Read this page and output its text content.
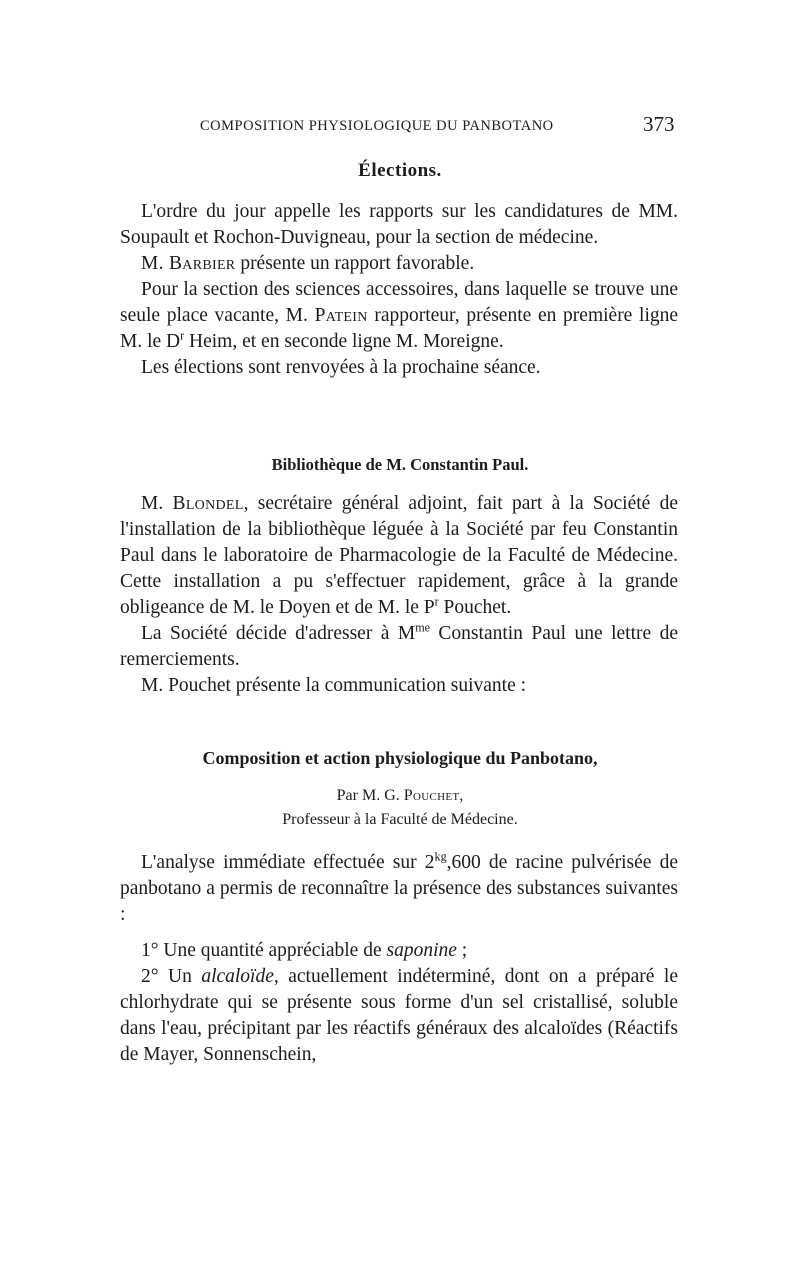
COMPOSITION PHYSIOLOGIQUE DU PANBOTANO	373
Élections.

L'ordre du jour appelle les rapports sur les candidatures de MM. Soupault et Rochon-Duvigneau, pour la section de médecine.

M. Barbier présente un rapport favorable.

Pour la section des sciences accessoires, dans laquelle se trouve une seule place vacante, M. Patein rapporteur, présente en première ligne M. le $D^r$ Heim, et en seconde ligne M. Moreigne.

Les élections sont renvoyées à la prochaine séance.

Bibliothèque de M. Constantin Paul.

M. Blondel, secrétaire général adjoint, fait part à la Société de l'installation de la bibliothèque léguée à la Société par feu Constantin Paul dans le laboratoire de Pharmacologie de la Faculté de Médecine. Cette installation a pu s'effectuer rapidement, grâce à la grande obligeance de M. le Doyen et de M. le $P^r$ Pouchet.

La Société décide d'adresser à $M^{me}$ Constantin Paul une lettre de remerciements.

M. Pouchet présente la communication suivante :

Composition et action physiologique du Panbotano,
Par M. G. Pouchet,
Professeur à la Faculté de Médecine.

L'analyse immédiate effectuée sur $2^{kg},600$ de racine pulvérisée de panbotano a permis de reconnaître la présence des substances suivantes :

1° Une quantité appréciable de saponine ;

2° Un alcaloïde, actuellement indéterminé, dont on a préparé le chlorhydrate qui se présente sous forme d'un sel cristallisé, soluble dans l'eau, précipitant par les réactifs généraux des alcaloïdes (Réactifs de Mayer, Sonnenschein,
